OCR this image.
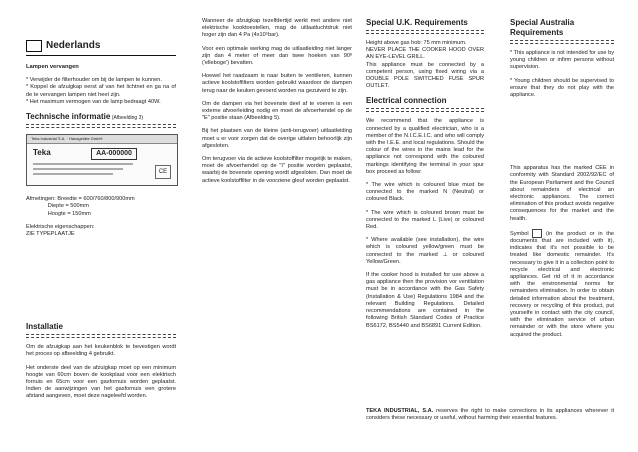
Nederlands
Lampen vervangen

* Verwijder de filterhouder om bij de lampen te kunnen.
* Koppel de afzuigkap eerst af van het lichtnet en ga na of de te vervangen lampen niet heet zijn.
* Het maximum vermogen van de lamp bedraagt 40W.

Technische informatie (Afbeelding 3)
Teka Industrial S.A. · Hausgeräte GmbH
Teka	AA-000000
CE

Afmetingen: Breedte = 600/760/800/900mm
Diepte = 500mm
Hoogte = 150mm

Elektrische eigenschappen:
ZIE TYPEPLAATJE

Installatie

Om de afzuigkap aan het keukenblok te bevestigen wordt het proces op afbeelding 4 gebruikt.

Het onderste deel van de afzuigkap moet op een minimum hoogte van 60cm boven de kookplaat voor een elektrisch fornuis en 65cm voor een gasfornuis worden geplaatst. Indien de aanwijzingen van het gasfornuis een grotere afstand aangeven, moet deze nageleefd worden.

Wanneer de afzuigkap tezelfdertijd werkt met andere niet elektrische kooktoestellen, mag de uitlaatluchtdruk niet hoger zijn dan 4 Pa (4x10⁵bar).

Voor een optimale werking mag de uitlaatleiding niet langer zijn dan 4 meter of meer dan twee hoeken van 90º ('elleboge') bevatten.

Hoewel het raadzaam is naar buiten te ventileren, kunnen actieve koolstoffilters worden gebruikt waardoor de dampen terug naar de keuken gevoerd worden na gezuiverd te zijn.

Om de dampen via het bovenste deel af te voeren is een externe afvoerleiding nodig en moet de afvoerhendel op de "E" positie staan (Afbeelding 5).

Bij het plaatsen van de kleine (anti-terugvoer) uitlaatleiding moet u er voor zorgen dat de overige uitlaten behoorlijk zijn afgesloten.

Om terugvoer via de actieve koolstoffilter mogelijk te maken, moet de afvoerhendel op de "I" positie worden geplaatst, waarbij de bovenste opening wordt afgesloten. Dan moet de actieve koolstoffilter in de voorziene gleuf worden geplaatst.

Special U.K. Requirements

Height above gas hob: 75 mm minimum.
NEVER PLACE THE COOKER HOOD OVER AN EYE-LEVEL GRILL.
This appliance must be connected by a competent person, using fixed wiring via a DOUBLE POLE SWITCHED FUSE SPUR OUTLET.

Electrical connection

We recommend that the appliance is connected by a qualified electrician, who is a member of the N.I.C.E.I.C. and who will comply with the I.E.E. and local regulations. Should the colour of the wires in the mains lead for the appliance not correspond with the coloured markings identifying the terminal in your spur box proceed as follow:

* The wire which is coloured blue must be connected to the marked N (Neutral) or coloured Black.

* The wire which is coloured brown must be connected to the marked L (Live) or coloured Red.

* Where available (see installation), the wire which is coloured yellow/green must be connected to the marked ⊥ or coloured Yellow/Green.

If the cooker hood is installed for use above a gas appliance then the provision vor ventilation must be in accordance with the Gas Safety (Installation & Use) Regulations 1984 and the relevant Building Regulations. Detailed recommendations are contained in the following British Standard Codes of Practice BS6172, BS5440 and BS6891 Current Edition.

Special Australia Requirements

* This appliance is not intended for use by young children or infirm persons without supervision.

* Young children should be supervised to ensure that they do not play with the appliance.

This apparatus has the marked CEE in conformity with Standard 2002/92/EC of the European Parliament and the Council about remainders of electrical an electronic appliances. The correct elimination of this product avoids negative consequences for the market and the health.

Symbol	(in the product or in the documents that are included with it), indicates that it's not possible to be treated like domestic remainder. It's necessary to give it in a collection point to recycle electrical and electronic appliances. Get rid of it in accordance with the environmental norms for remainders elimination. In order to obtain detailed information about the treatment, recovery or recycling of this product, put yourselfe in contact with the city council, with the elimination service of urban remainder or with the store where you acquired the product.

TEKA INDUSTRIAL, S.A. reserves the right to make corrections in its appliances wherever it considers these necessary or useful, without harming their essential features.
